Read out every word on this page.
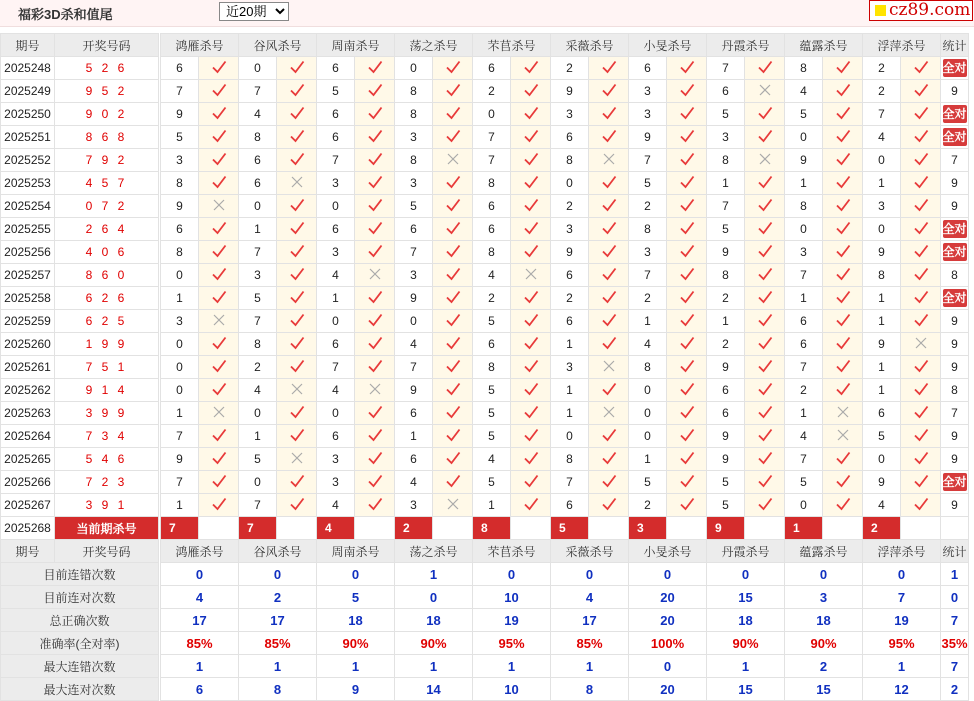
福彩3D杀和值尾
近20期	cz89.com
期号	开奖号码		鸿雁杀号		谷风杀号		周南杀号		荡之杀号		芣苢杀号		采薇杀号		小旻杀号		丹霞杀号		蕴露杀号		浮萍杀号		统计
2025248	5 2 6		6		0		6		0		6		2		6		7		8		2		全对
2025249	9 5 2		7		7		5		8		2		9		3		6		4		2		9
2025250	9 0 2		9		4		6		8		0		3		3		5		5		7		全对
2025251	8 6 8		5		8		6		3		7		6		9		3		0		4		全对
2025252	7 9 2		3		6		7		8		7		8		7		8		9		0		7
2025253	4 5 7		8		6		3		3		8		0		5		1		1		1		9
2025254	0 7 2		9		0		0		5		6		2		2		7		8		3		9
2025255	2 6 4		6		1		6		6		6		3		8		5		0		0		全对
2025256	4 0 6		8		7		3		7		8		9		3		9		3		9		全对
2025257	8 6 0		0		3		4		3		4		6		7		8		7		8		8
2025258	6 2 6		1		5		1		9		2		2		2		2		1		1		全对
2025259	6 2 5		3		7		0		0		5		6		1		1		6		1		9
2025260	1 9 9		0		8		6		4		6		1		4		2		6		9		9
2025261	7 5 1		0		2		7		7		8		3		8		9		7		1		9
2025262	9 1 4		0		4		4		9		5		1		0		6		2		1		8
2025263	3 9 9		1		0		0		6		5		1		0		6		1		6		7
2025264	7 3 4		7		1		6		1		5		0		0		9		4		5		9
2025265	5 4 6		9		5		3		6		4		8		1		9		7		0		9
2025266	7 2 3		7		0		3		4		5		7		5		5		5		9		全对
2025267	3 9 1		1		7		4		3		1		6		2		5		0		4		9
2025268	当前期杀号		7		7		4		2		8		5		3		9		1		2		
期号	开奖号码		鸿雁杀号		谷风杀号		周南杀号		荡之杀号		芣苢杀号		采薇杀号		小旻杀号		丹霞杀号		蕴露杀号		浮萍杀号		统计
目前连错次数			0		0		0		1		0		0		0		0		0		0		1
目前连对次数			4		2		5		0		10		4		20		15		3		7		0
总正确次数			17		17		18		18		19		17		20		18		18		19		7
准确率(全对率)			85%		85%		90%		90%		95%		85%		100%		90%		90%		95%		35%
最大连错次数			1		1		1		1		1		1		0		1		2		1		7
最大连对次数			6		8		9		14		10		8		20		15		15		12		2
